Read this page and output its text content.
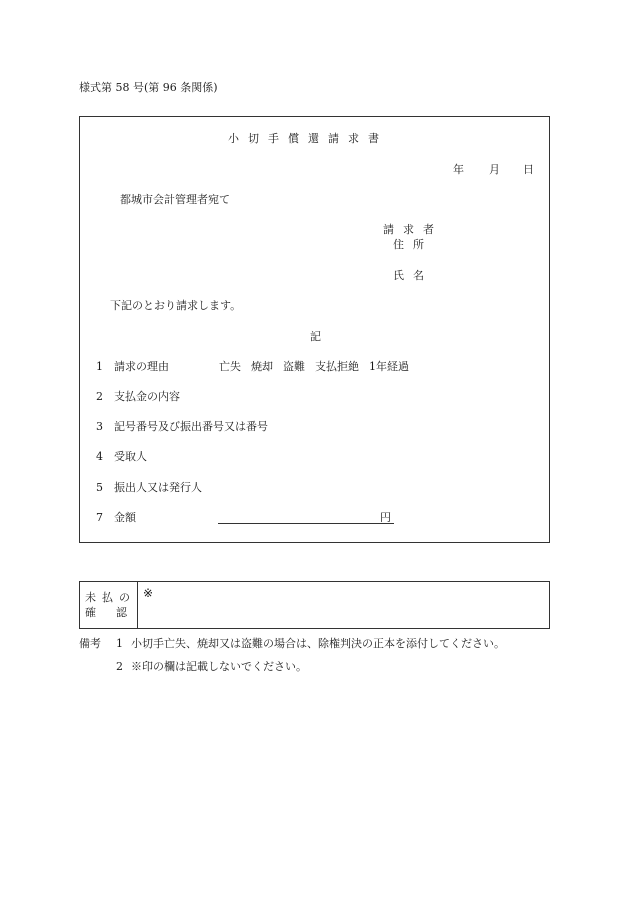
様式第 58 号(第 96 条関係)
小切手償還請求書
年 月 日
都城市会計管理者宛て
請求者
住所
氏名
下記のとおり請求します。
記
1 請求の理由	亡失 焼却 盗難 支払拒絶 1年経過
2 支払金の内容
3 記号番号及び振出番号又は番号
4 受取人
5 振出人又は発行人
7 金額	円
未払の
確 認
※
備考 1 小切手亡失、焼却又は盗難の場合は、除権判決の正本を添付してください。
2 ※印の欄は記載しないでください。
